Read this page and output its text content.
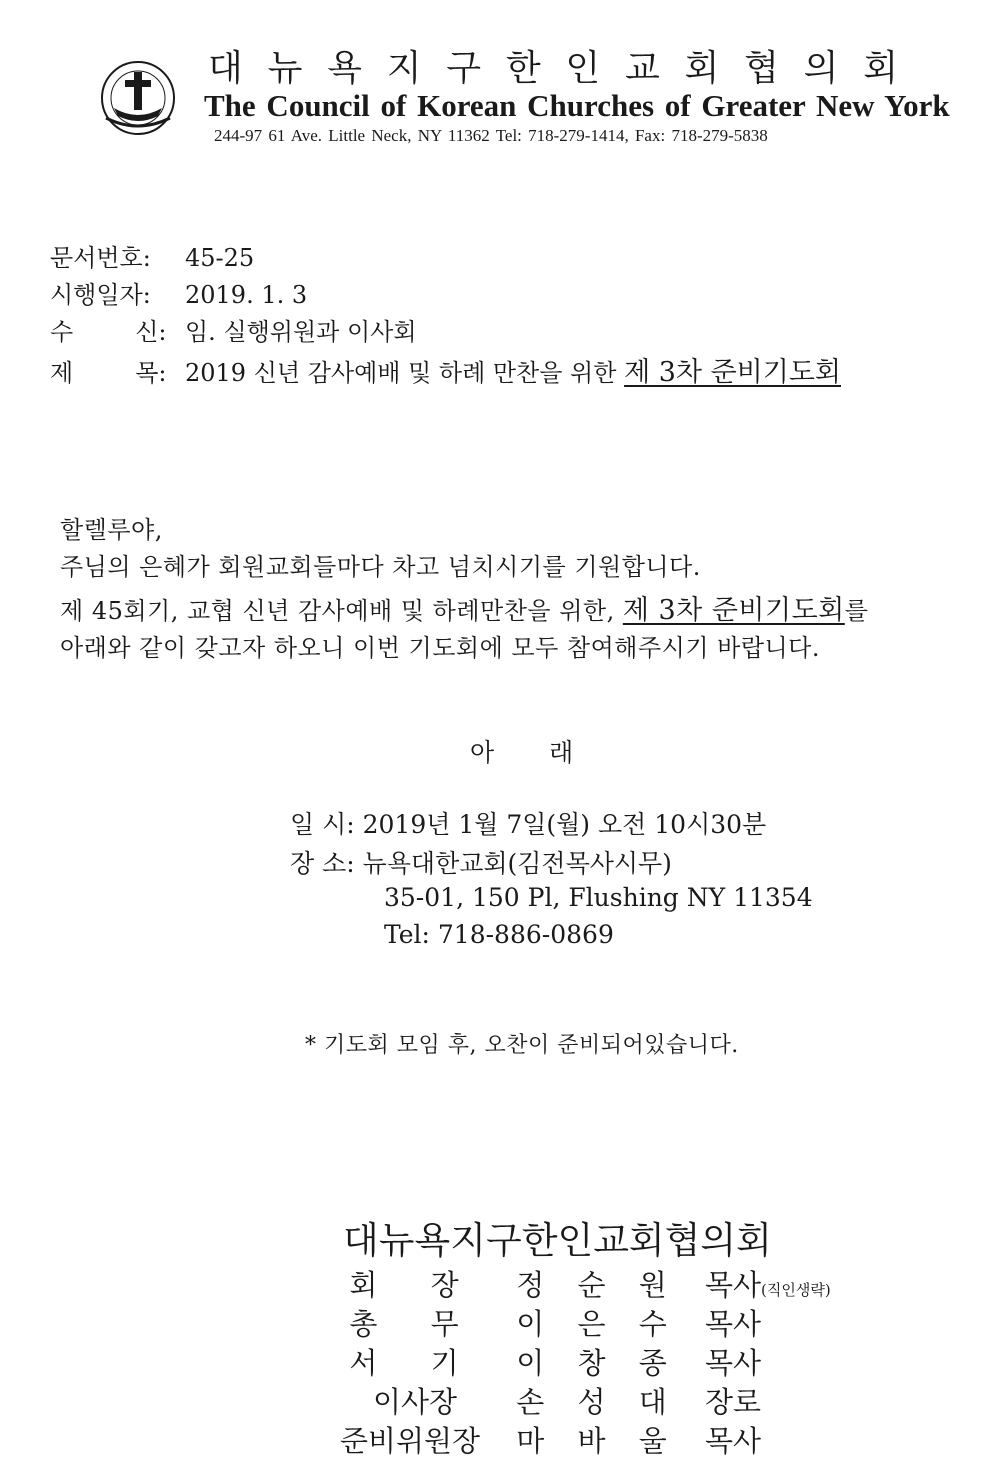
대 뉴 욕 지 구 한 인 교 회 협 의 회
The Council of Korean Churches of Greater New York
244-97 61 Ave. Little Neck, NY 11362 Tel: 718-279-1414, Fax: 718-279-5838
문서번호: 45-25
시행일자: 2019. 1. 3
수	신: 임. 실행위원과 이사회
제	목: 2019 신년 감사예배 및 하례 만찬을 위한 제 3차 준비기도회
할렐루야,
주님의 은혜가 회원교회들마다 차고 넘치시기를 기원합니다.
제 45회기, 교협 신년 감사예배 및 하례만찬을 위한, 제 3차 준비기도회를
아래와 같이 갖고자 하오니 이번 기도회에 모두 참여해주시기 바랍니다.
아래
일 시: 2019년 1월 7일(월) 오전 10시30분
장 소: 뉴욕대한교회(김전목사시무)
35-01, 150 Pl, Flushing NY 11354
Tel: 718-886-0869
* 기도회 모임 후, 오찬이 준비되어있습니다.
대뉴욕지구한인교회협의회
회 장	정 순 원 목사 (직인생략)
총 무	이 은 수 목사
서 기	이 창 종 목사
이사장	손 성 대 장로
준비위원장	마 바 울 목사
